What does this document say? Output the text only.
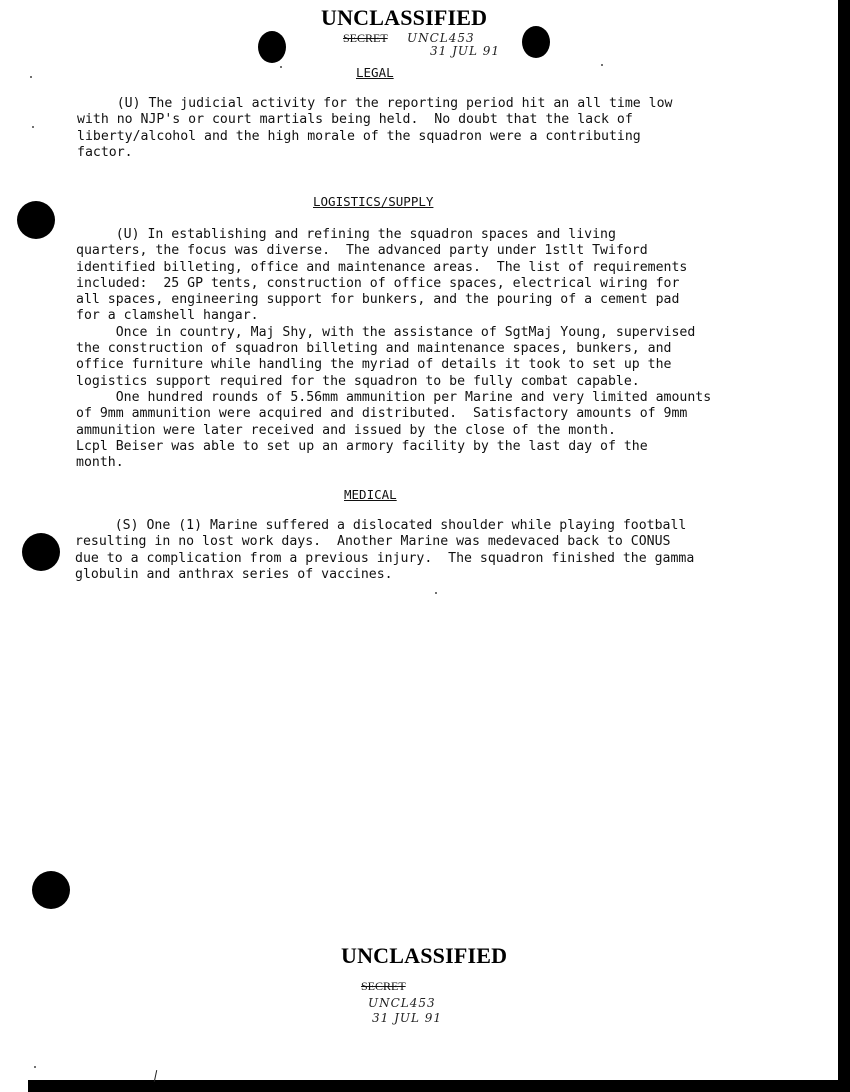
UNCLASSIFIED
SECRET UNCL453
31 JUL 91
LEGAL
(U) The judicial activity for the reporting period hit an all time low
with no NJP's or court martials being held.  No doubt that the lack of
liberty/alcohol and the high morale of the squadron were a contributing
factor.
LOGISTICS/SUPPLY
(U) In establishing and refining the squadron spaces and living
quarters, the focus was diverse.  The advanced party under 1stlt Twiford
identified billeting, office and maintenance areas.  The list of requirements
included:  25 GP tents, construction of office spaces, electrical wiring for
all spaces, engineering support for bunkers, and the pouring of a cement pad
for a clamshell hangar.
Once in country, Maj Shy, with the assistance of SgtMaj Young, supervised
the construction of squadron billeting and maintenance spaces, bunkers, and
office furniture while handling the myriad of details it took to set up the
logistics support required for the squadron to be fully combat capable.
One hundred rounds of 5.56mm ammunition per Marine and very limited amounts
of 9mm ammunition were acquired and distributed.  Satisfactory amounts of 9mm
ammunition were later received and issued by the close of the month.
Lcpl Beiser was able to set up an armory facility by the last day of the
month.
MEDICAL
(S) One (1) Marine suffered a dislocated shoulder while playing football
resulting in no lost work days.  Another Marine was medevaced back to CONUS
due to a complication from a previous injury.  The squadron finished the gamma
globulin and anthrax series of vaccines.
UNCLASSIFIED
SECRET
UNCL453
31 JUL 91
